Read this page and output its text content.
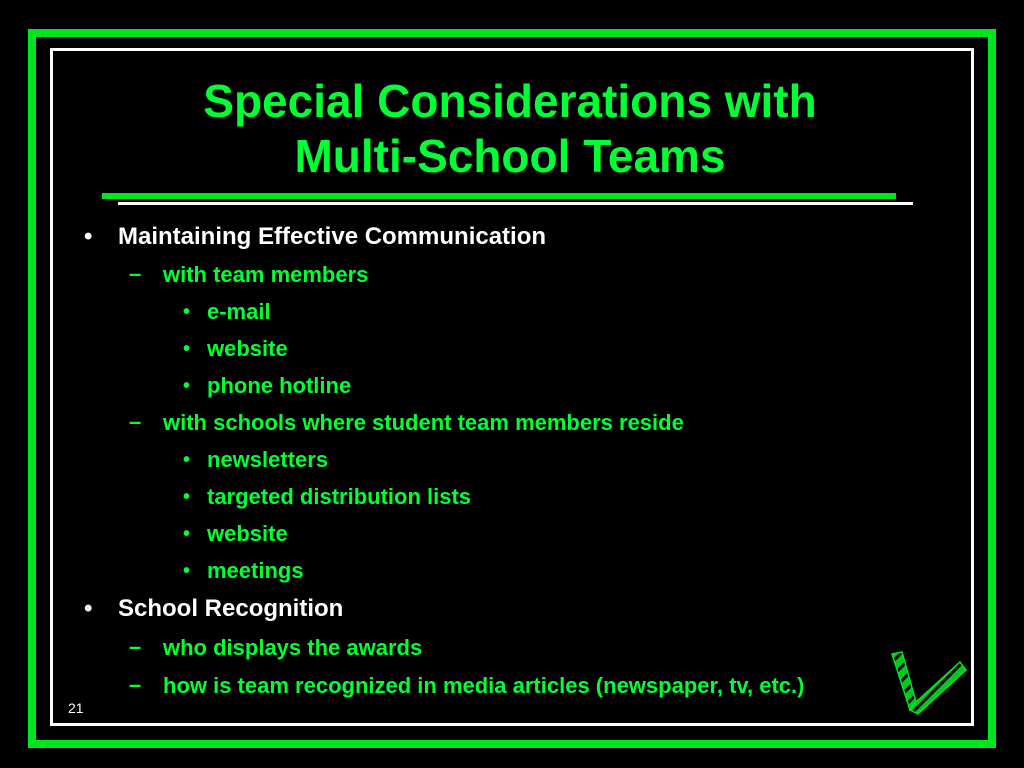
Special Considerations with
Multi-School Teams
• Maintaining Effective Communication
– with team members
• e-mail
• website
• phone hotline
– with schools where student team members reside
• newsletters
• targeted distribution lists
• website
• meetings
• School Recognition
– who displays the awards
– how is team recognized in media articles (newspaper, tv, etc.)
21
